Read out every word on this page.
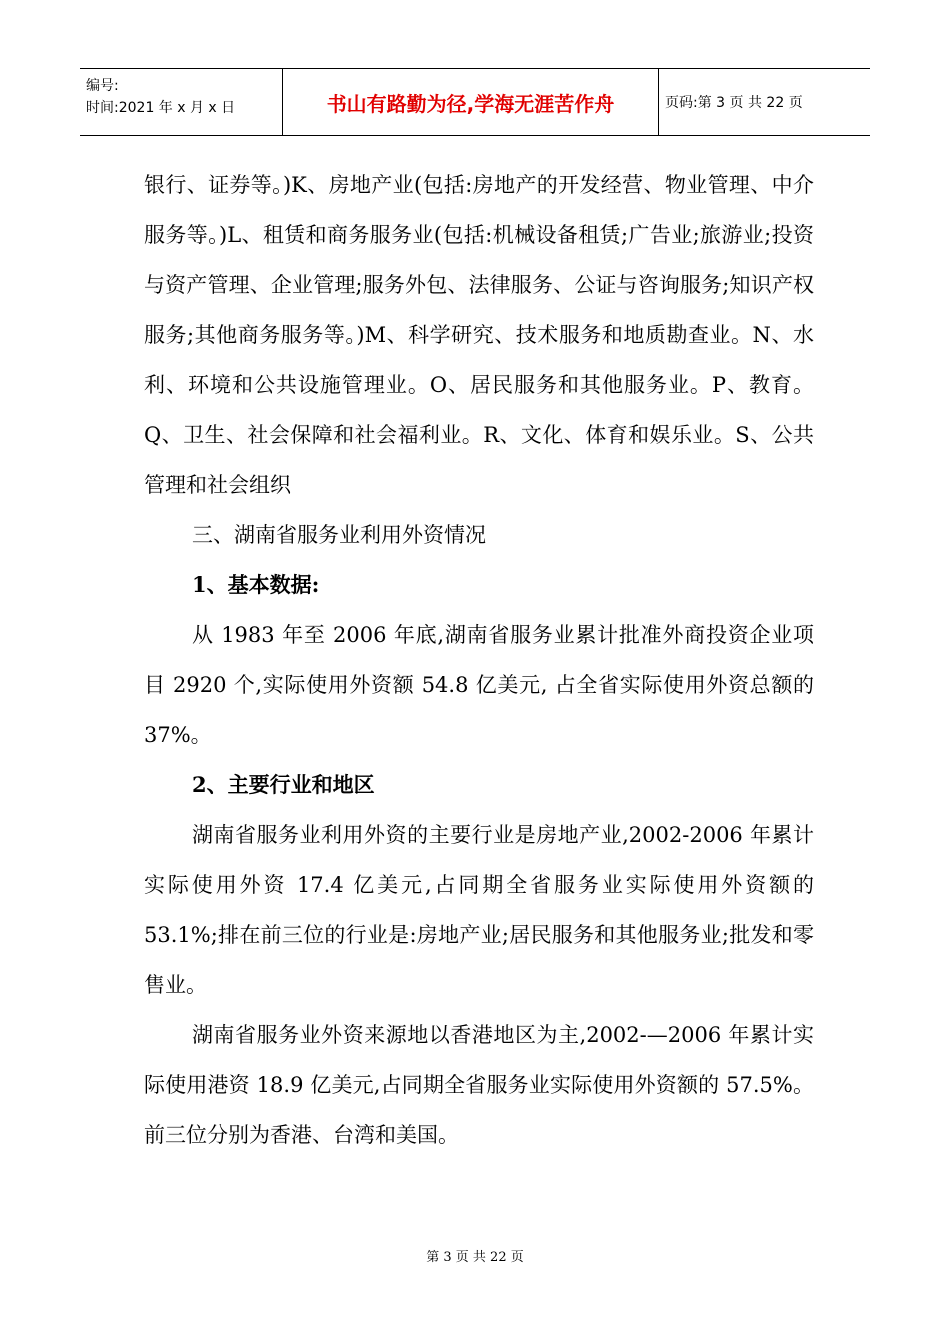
编号:
时间:2021 年 x 月 x 日	书山有路勤为径,学海无涯苦作舟	页码:第 3 页 共 22 页

银行、证券等。)K、房地产业(包括:房地产的开发经营、物业管理、中介服务等。)L、租赁和商务服务业(包括:机械设备租赁;广告业;旅游业;投资与资产管理、企业管理;服务外包、法律服务、公证与咨询服务;知识产权服务;其他商务服务等。)M、科学研究、技术服务和地质勘查业。N、水利、环境和公共设施管理业。O、居民服务和其他服务业。P、教育。Q、卫生、社会保障和社会福利业。R、文化、体育和娱乐业。S、公共管理和社会组织

三、湖南省服务业利用外资情况

1、基本数据:

从 1983 年至 2006 年底,湖南省服务业累计批准外商投资企业项目 2920 个,实际使用外资额 54.8 亿美元, 占全省实际使用外资总额的 37%。

2、主要行业和地区

湖南省服务业利用外资的主要行业是房地产业,2002-2006 年累计实际使用外资 17.4 亿美元,占同期全省服务业实际使用外资额的 53.1%;排在前三位的行业是:房地产业;居民服务和其他服务业;批发和零售业。

湖南省服务业外资来源地以香港地区为主,2002-—2006 年累计实际使用港资 18.9 亿美元,占同期全省服务业实际使用外资额的 57.5%。前三位分别为香港、台湾和美国。

第 3 页 共 22 页
